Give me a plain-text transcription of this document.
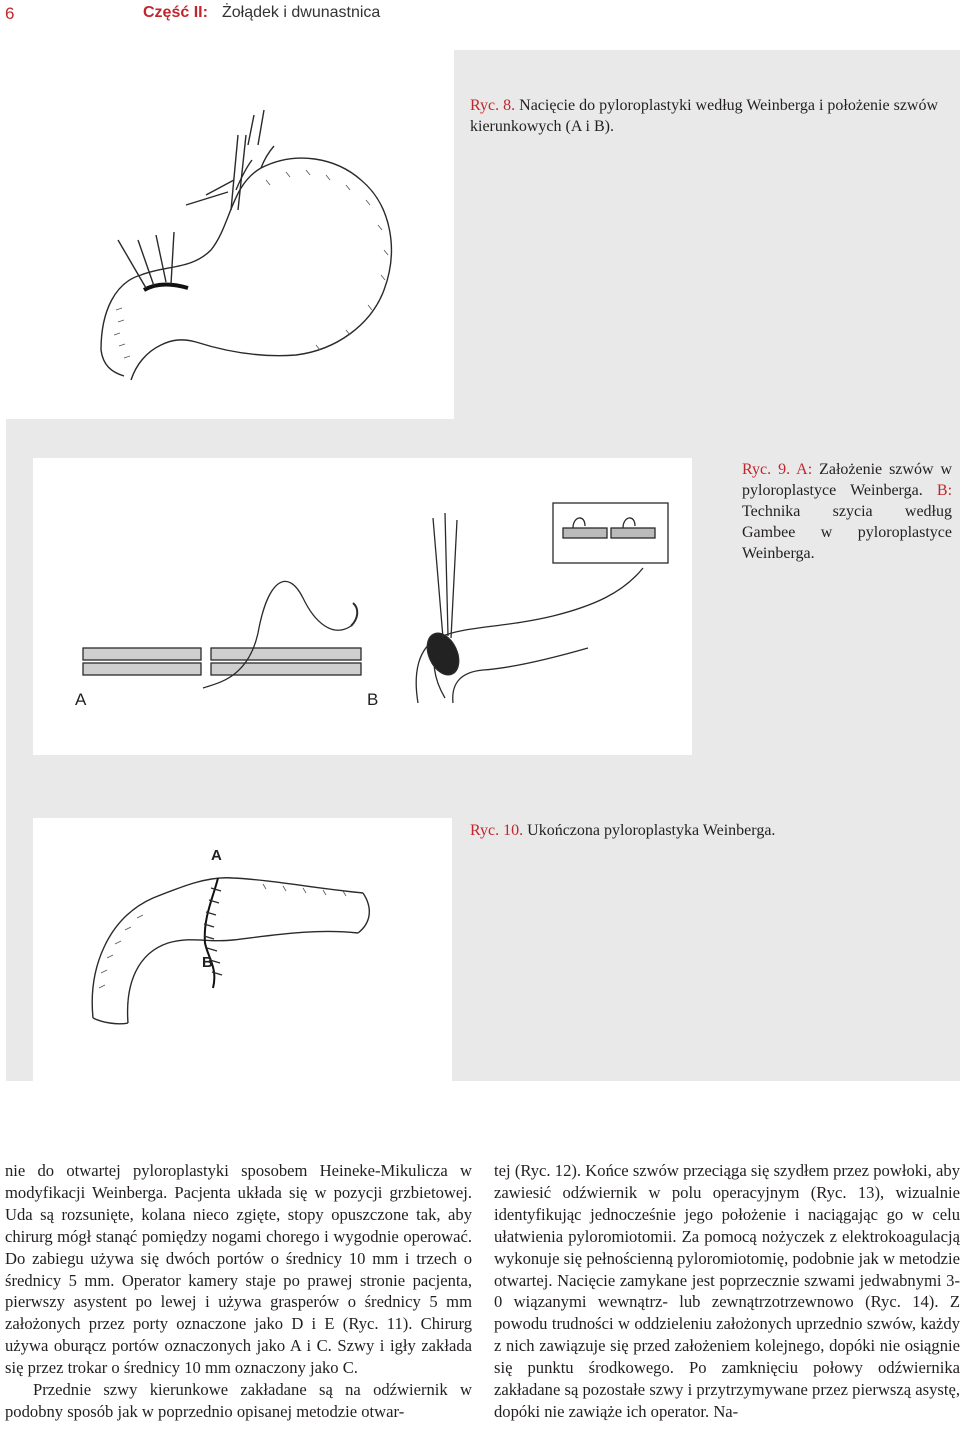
6	Część II: Żołądek i dwunastnica
Ryc. 8. Nacięcie do pyloroplastyki według Weinberga i położenie szwów kierunkowych (A i B).
A	B
Ryc. 9. A: Założenie szwów w pyloroplastyce Weinberga. B: Technika szycia według Gambee w pyloroplastyce Weinberga.
A
B
Ryc. 10. Ukończona pyloroplastyka Weinberga.

nie do otwartej pyloroplastyki sposobem Heineke-Mikulicza w modyfikacji Weinberga. Pacjenta układa się w pozycji grzbietowej. Uda są rozsunięte, kolana nieco zgięte, stopy opuszczone tak, aby chirurg mógł stanąć pomiędzy nogami chorego i wygodnie operować. Do zabiegu używa się dwóch portów o średnicy 10 mm i trzech o średnicy 5 mm. Operator kamery staje po prawej stronie pacjenta, pierwszy asystent po lewej i używa grasperów o średnicy 5 mm założonych przez porty oznaczone jako D i E (Ryc. 11). Chirurg używa oburącz portów oznaczonych jako A i C. Szwy i igły zakłada się przez trokar o średnicy 10 mm oznaczony jako C.

Przednie szwy kierunkowe zakładane są na odźwiernik w podobny sposób jak w poprzednio opisanej metodzie otwar-

tej (Ryc. 12). Końce szwów przeciąga się szydłem przez powłoki, aby zawiesić odźwiernik w polu operacyjnym (Ryc. 13), wizualnie identyfikując jednocześnie jego położenie i naciągając go w celu ułatwienia pyloromiotomii. Za pomocą nożyczek z elektrokoagulacją wykonuje się pełnościenną pyloromiotomię, podobnie jak w metodzie otwartej. Nacięcie zamykane jest poprzecznie szwami jedwabnymi 3-0 wiązanymi wewnątrz- lub zewnątrzotrzewnowo (Ryc. 14). Z powodu trudności w oddzieleniu założonych uprzednio szwów, każdy z nich zawiązuje się przed założeniem kolejnego, dopóki nie osiągnie się punktu środkowego. Po zamknięciu połowy odźwiernika zakładane są pozostałe szwy i przytrzymywane przez pierwszą asystę, dopóki nie zawiąże ich operator. Na-
